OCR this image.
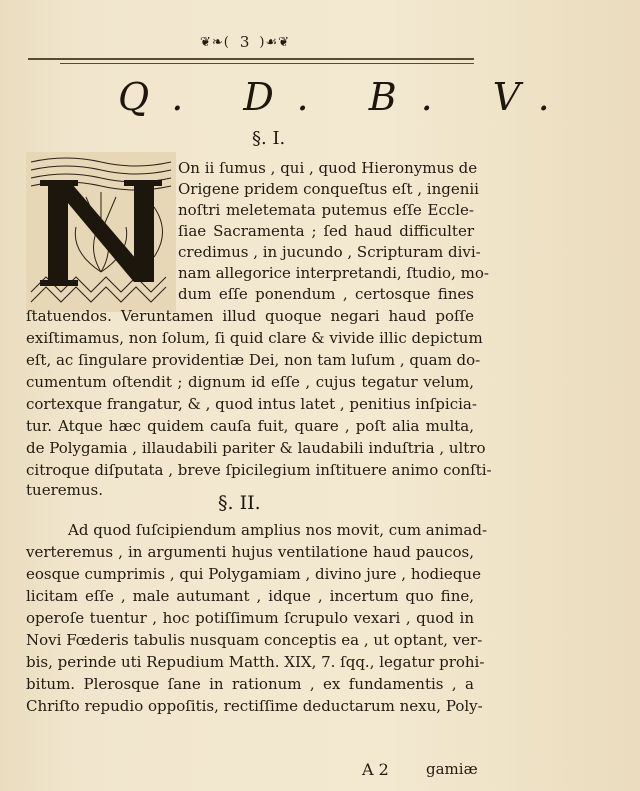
❦❧( 3 )☙❦
Q. D. B. V.
§. I.
On ii ſumus , qui , quod Hieronymus de
Origene pridem conqueſtus eſt , ingenii
noſtri meletemata putemus eſſe Eccle-
ſiae Sacramenta ; ſed haud difficulter
credimus , in jucundo , Scripturam divi-
nam allegorice interpretandi, ſtudio, mo-
dum eſſe ponendum , certosque fines
ſtatuendos. Veruntamen illud quoque negari haud poſſe
exiſtimamus, non ſolum, ſi quid clare & vivide illic depictum
eſt, ac ſingulare providentiæ Dei, non tam luſum , quam do-
cumentum oſtendit ; dignum id eſſe , cujus tegatur velum,
cortexque frangatur, & , quod intus latet , penitius inſpicia-
tur. Atque hæc quidem cauſa fuit, quare , poſt alia multa,
de Polygamia , illaudabili pariter & laudabili induſtria , ultro
citroque diſputata , breve ſpicilegium inſtituere animo conſti-
tueremus.
§. II.
Ad quod ſuſcipiendum amplius nos movit, cum animad-
verteremus , in argumenti hujus ventilatione haud paucos,
eosque cumprimis , qui Polygamiam , divino jure , hodieque
licitam eſſe , male autumant , idque , incertum quo fine,
operoſe tuentur , hoc potiſſimum ſcrupulo vexari , quod in
Novi Fœderis tabulis nusquam conceptis ea , ut optant, ver-
bis, perinde uti Repudium Matth. XIX, 7. ſqq., legatur prohi-
bitum. Plerosque ſane in rationum , ex fundamentis , a
Chriſto repudio oppoſitis, rectiſſime deductarum nexu, Poly-
A 2 gamiæ
